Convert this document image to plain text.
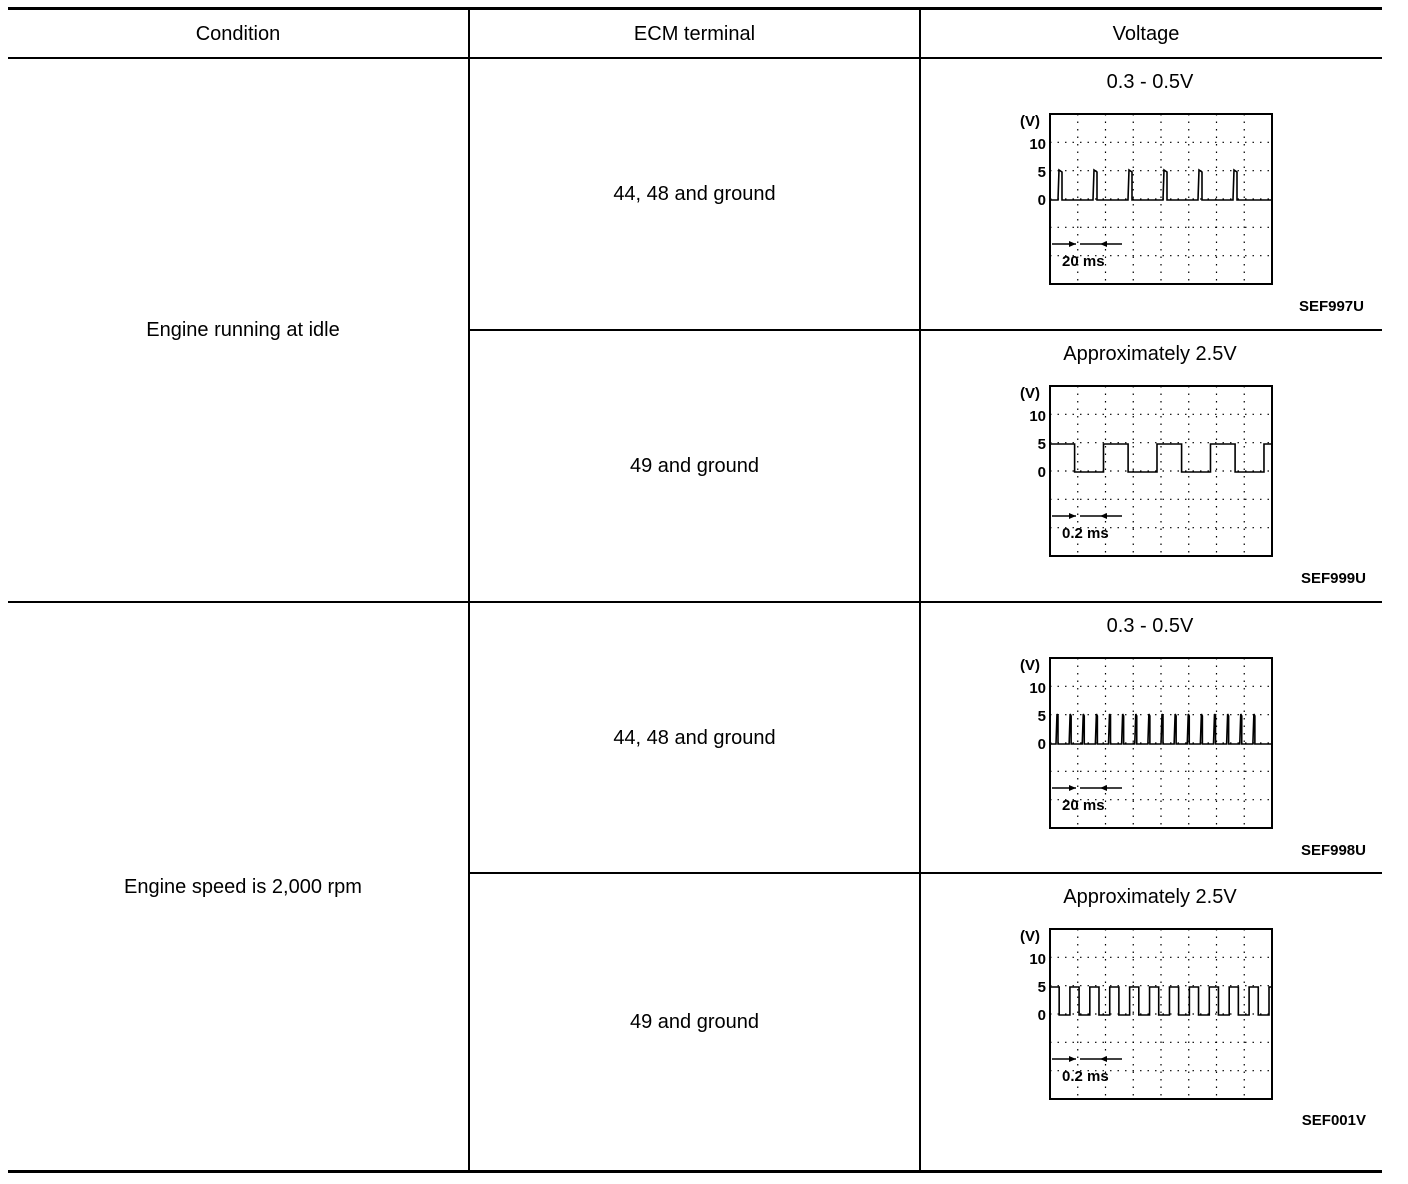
Condition	ECM terminal	Voltage
Engine running at idle
Engine speed is 2,000 rpm
44, 48 and ground
49 and ground
44, 48 and ground
49 and ground
0.3 - 0.5V
Approximately 2.5V
0.3 - 0.5V
Approximately 2.5V
(V)
10
5
0
20 ms
(V)
10
5
0
0.2 ms
(V)
10
5
0
20 ms
(V)
10
5
0
0.2 ms
SEF997U
SEF999U
SEF998U
SEF001V
